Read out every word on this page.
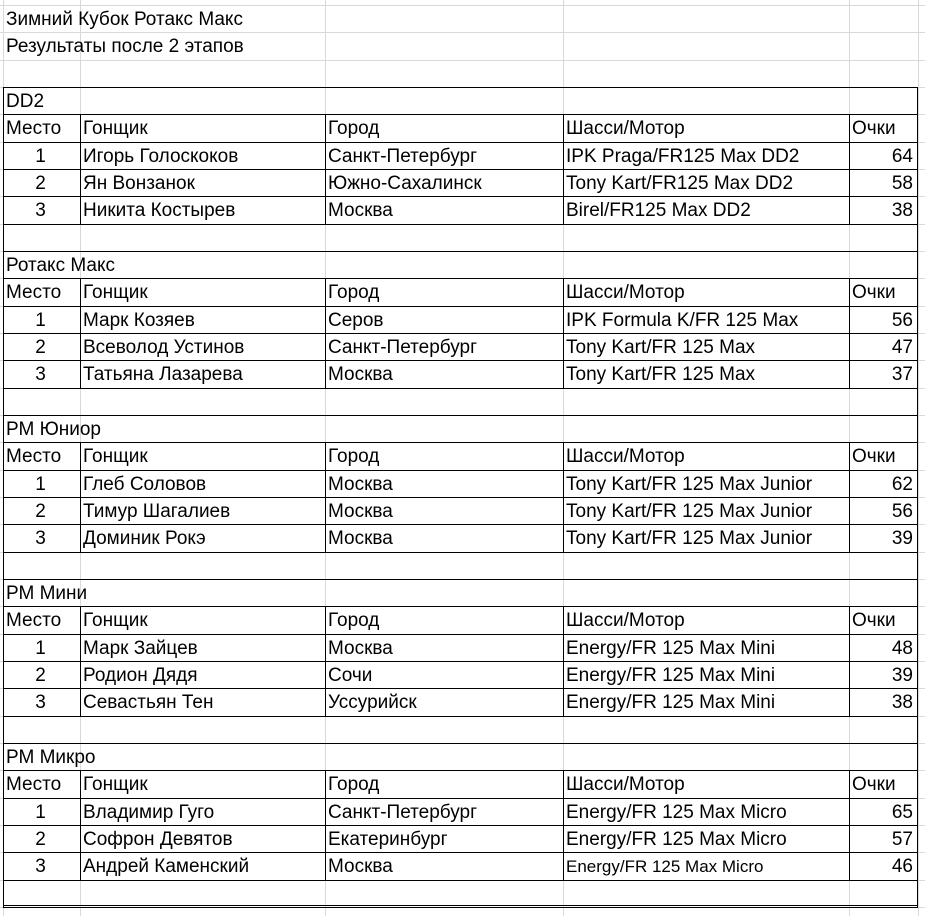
Зимний Кубок Ротакс Макс
Результаты после 2 этапов
DD2
Место	Гонщик	Город	Шасси/Мотор	Очки
1	Игорь Голоскоков	Санкт-Петербург	IPK Praga/FR125 Max DD2	64
2	Ян Вонзанок	Южно-Сахалинск	Tony Kart/FR125 Max DD2	58
3	Никита Костырев	Москва	Birel/FR125 Max DD2	38
Ротакс Макс
Место	Гонщик	Город	Шасси/Мотор	Очки
1	Марк Козяев	Серов	IPK Formula K/FR 125 Max	56
2	Всеволод Устинов	Санкт-Петербург	Tony Kart/FR 125 Max	47
3	Татьяна Лазарева	Москва	Tony Kart/FR 125 Max	37
РМ Юниор
Место	Гонщик	Город	Шасси/Мотор	Очки
1	Глеб Соловов	Москва	Tony Kart/FR 125 Max Junior	62
2	Тимур Шагалиев	Москва	Tony Kart/FR 125 Max Junior	56
3	Доминик Рокэ	Москва	Tony Kart/FR 125 Max Junior	39
РМ Мини
Место	Гонщик	Город	Шасси/Мотор	Очки
1	Марк Зайцев	Москва	Energy/FR 125 Max Mini	48
2	Родион Дядя	Сочи	Energy/FR 125 Max Mini	39
3	Севастьян Тен	Уссурийск	Energy/FR 125 Max Mini	38
РМ Микро
Место	Гонщик	Город	Шасси/Мотор	Очки
1	Владимир Гуго	Санкт-Петербург	Energy/FR 125 Max Micro	65
2	Софрон Девятов	Екатеринбург	Energy/FR 125 Max Micro	57
3	Андрей Каменский	Москва	Energy/FR 125 Max Micro	46
